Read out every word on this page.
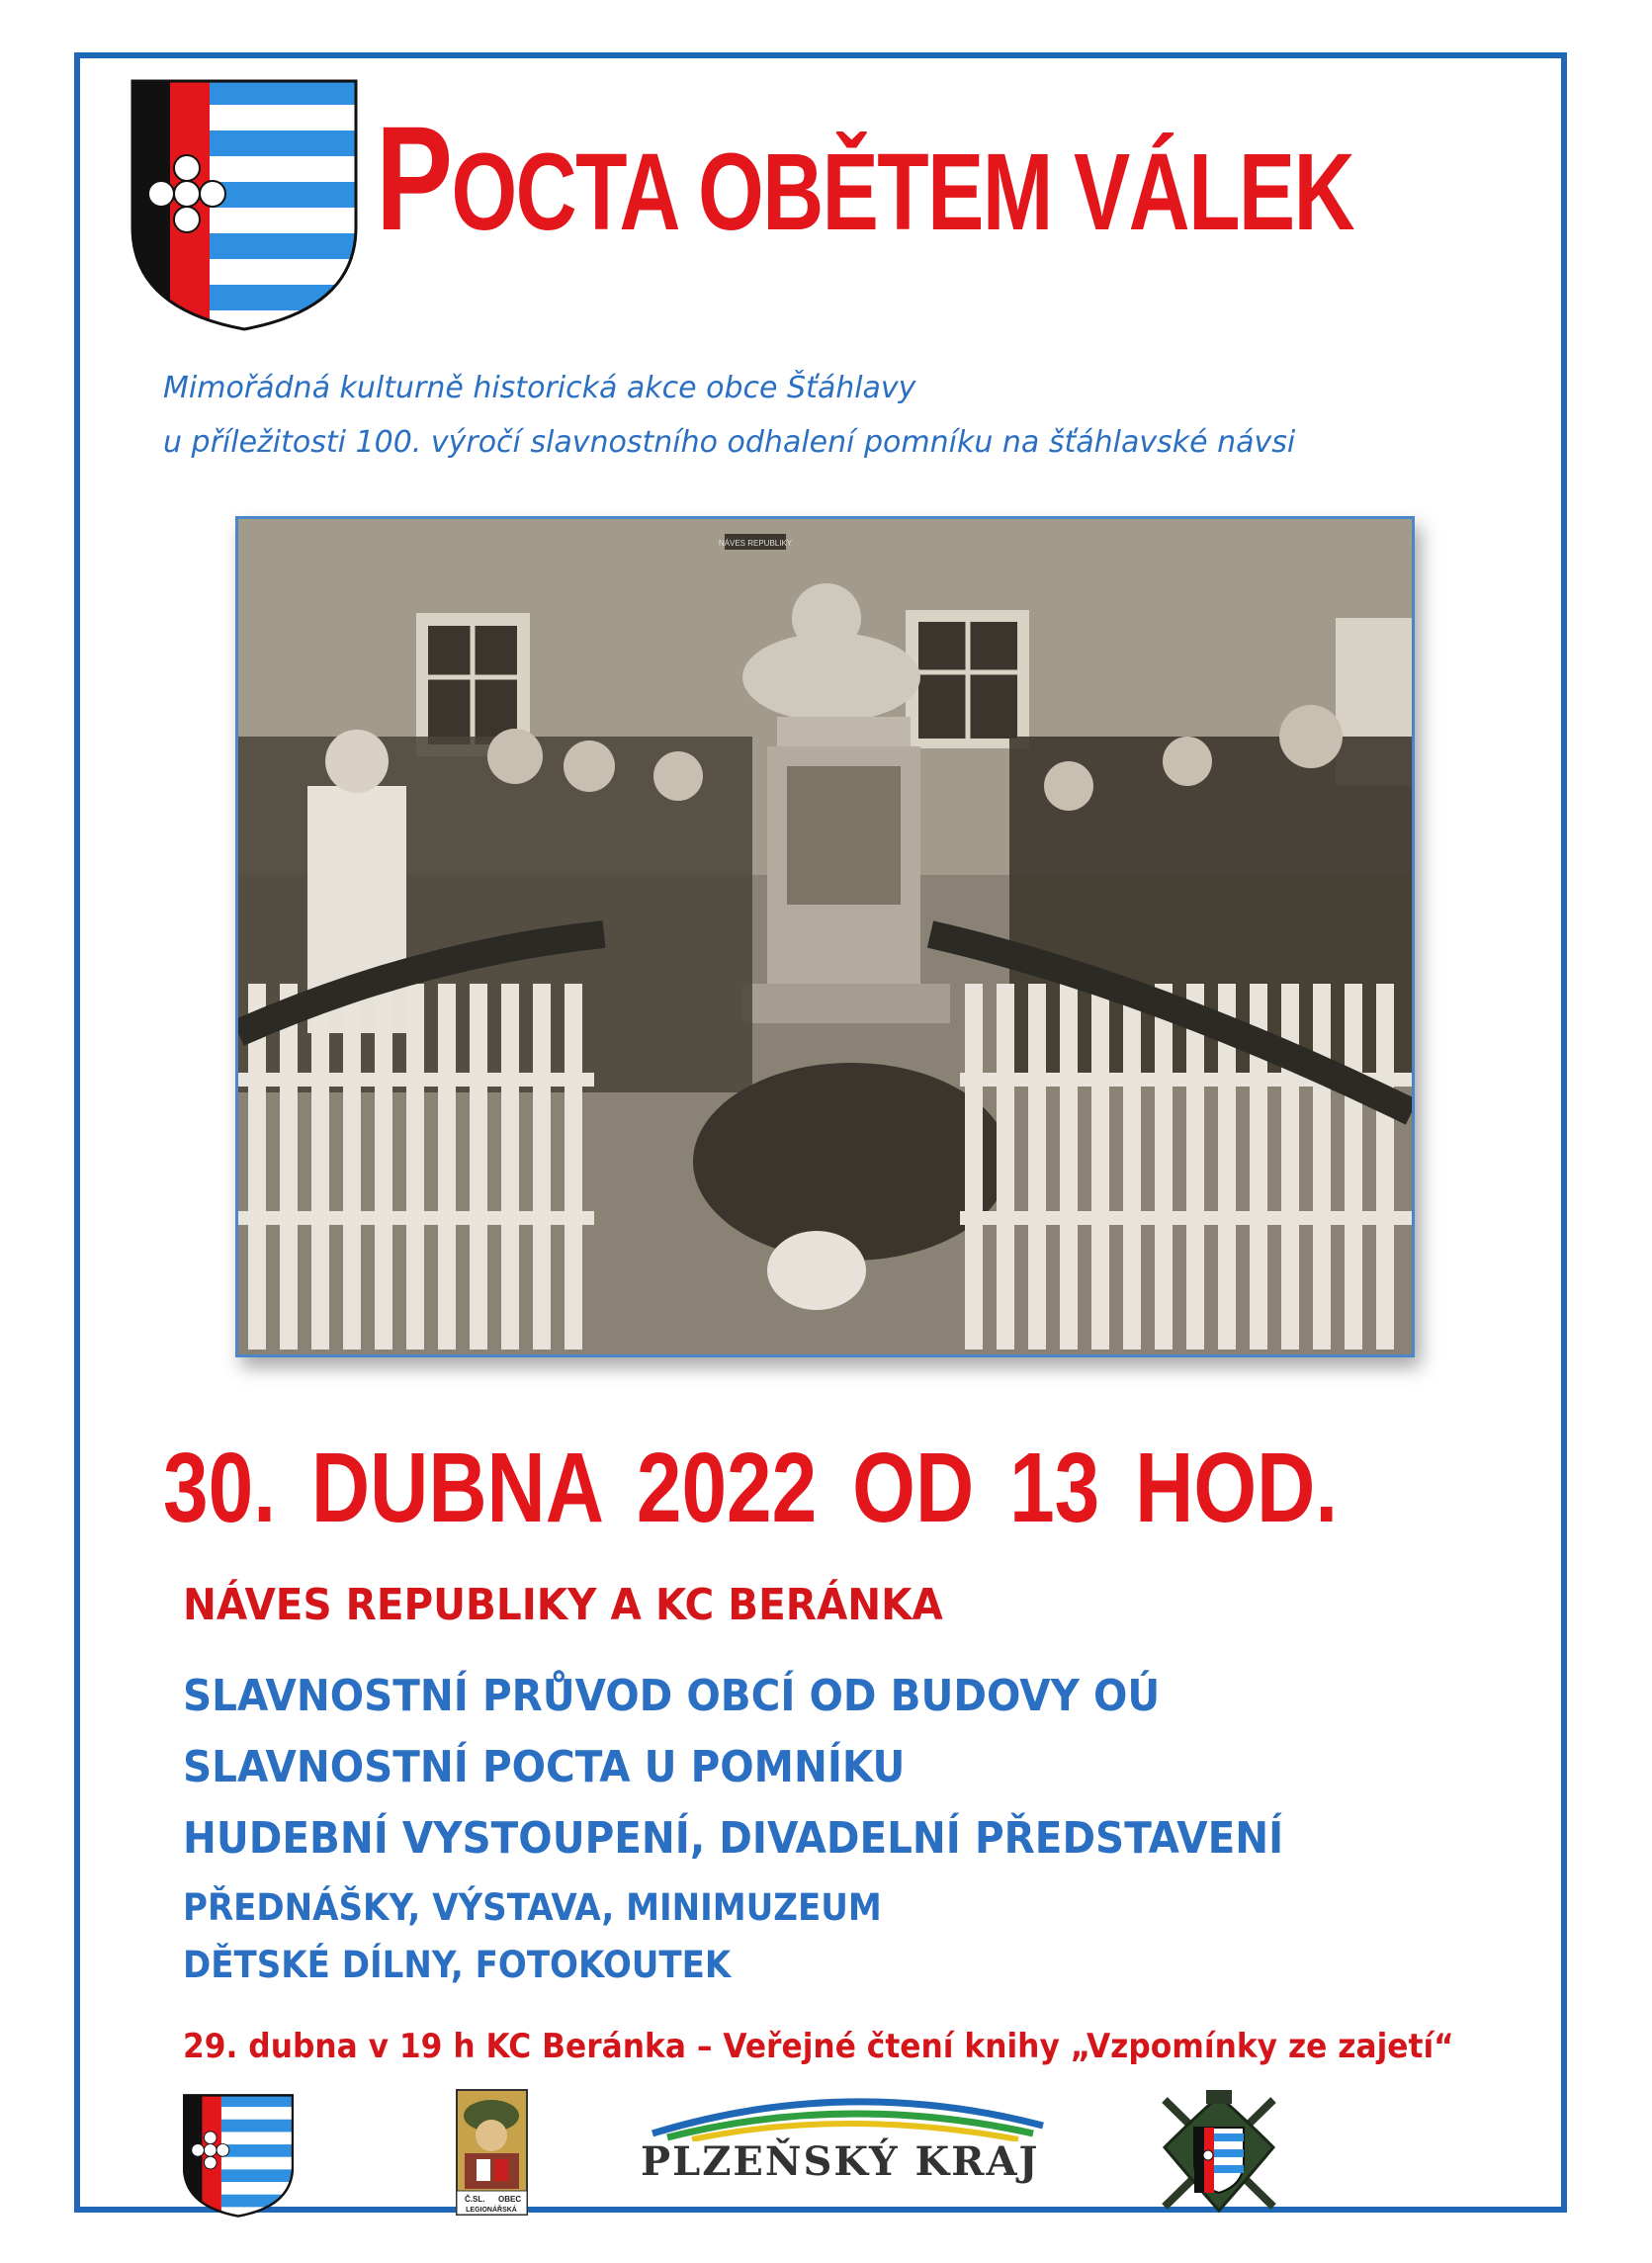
POCTA OBĚTEM VÁLEK
Mimořádná kulturně historická akce obce Šťáhlavy
u příležitosti 100. výročí slavnostního odhalení pomníku na šťáhlavské návsi
NÁVES REPUBLIKY
30. DUBNA 2022 OD 13 HOD.
NÁVES REPUBLIKY A KC BERÁNKA
SLAVNOSTNÍ PRŮVOD OBCÍ OD BUDOVY OÚ
SLAVNOSTNÍ POCTA U POMNÍKU
HUDEBNÍ VYSTOUPENÍ, DIVADELNÍ PŘEDSTAVENÍ
PŘEDNÁŠKY, VÝSTAVA, MINIMUZEUM
DĚTSKÉ DÍLNY, FOTOKOUTEK
29. dubna v 19 h KC Beránka – Veřejné čtení knihy „Vzpomínky ze zajetí“
Č.SL. OBEC
LEGIONÁŘSKÁ
PLZEŇSKÝ KRAJ
